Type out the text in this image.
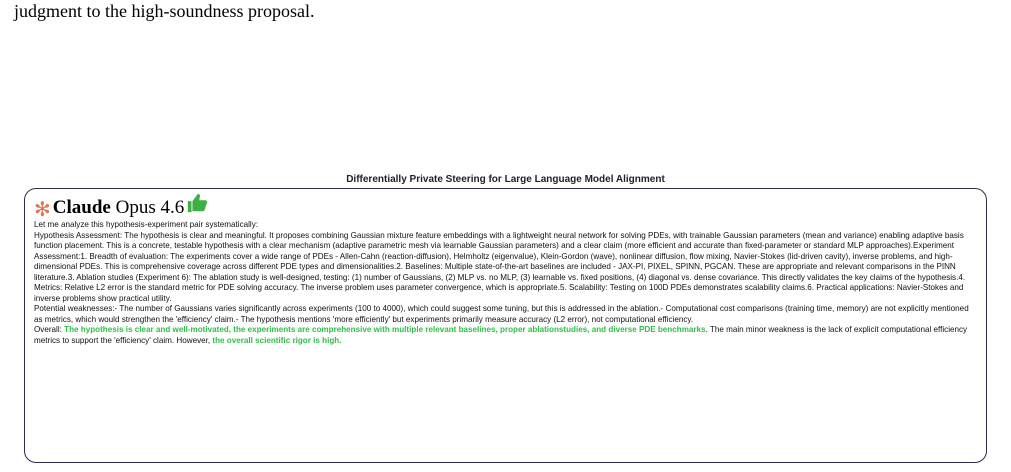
judgment to the high-soundness proposal.

Differentially Private Steering for Large Language Model Alignment
✻ Claude Opus 4.6

Let me analyze this hypothesis-experiment pair systematically:

Hypothesis Assessment: The hypothesis is clear and meaningful. It proposes combining Gaussian mixture feature embeddings with a lightweight neural network for solving PDEs, with trainable Gaussian parameters (mean and variance) enabling adaptive basis function placement. This is a concrete, testable hypothesis with a clear mechanism (adaptive parametric mesh via learnable Gaussian parameters) and a clear claim (more efficient and accurate than fixed-parameter or standard MLP approaches).Experiment Assessment:1. Breadth of evaluation: The experiments cover a wide range of PDEs - Allen-Cahn (reaction-diffusion), Helmholtz (eigenvalue), Klein-Gordon (wave), nonlinear diffusion, flow mixing, Navier-Stokes (lid-driven cavity), inverse problems, and high-dimensional PDEs. This is comprehensive coverage across different PDE types and dimensionalities.2. Baselines: Multiple state-of-the-art baselines are included - JAX-PI, PIXEL, SPINN, PGCAN. These are appropriate and relevant comparisons in the PINN literature.3. Ablation studies (Experiment 6): The ablation study is well-designed, testing: (1) number of Gaussians, (2) MLP vs. no MLP, (3) learnable vs. fixed positions, (4) diagonal vs. dense covariance. This directly validates the key claims of the hypothesis.4. Metrics: Relative L2 error is the standard metric for PDE solving accuracy. The inverse problem uses parameter convergence, which is appropriate.5. Scalability: Testing on 100D PDEs demonstrates scalability claims.6. Practical applications: Navier-Stokes and inverse problems show practical utility.

Potential weaknesses:- The number of Gaussians varies significantly across experiments (100 to 4000), which could suggest some tuning, but this is addressed in the ablation.- Computational cost comparisons (training time, memory) are not explicitly mentioned as metrics, which would strengthen the 'efficiency' claim.- The hypothesis mentions 'more efficiently' but experiments primarily measure accuracy (L2 error), not computational efficiency.

Overall: The hypothesis is clear and well-motivated, the experiments are comprehensive with multiple relevant baselines, proper ablationstudies, and diverse PDE benchmarks. The main minor weakness is the lack of explicit computational efficiency metrics to support the 'efficiency' claim. However, the overall scientific rigor is high.
